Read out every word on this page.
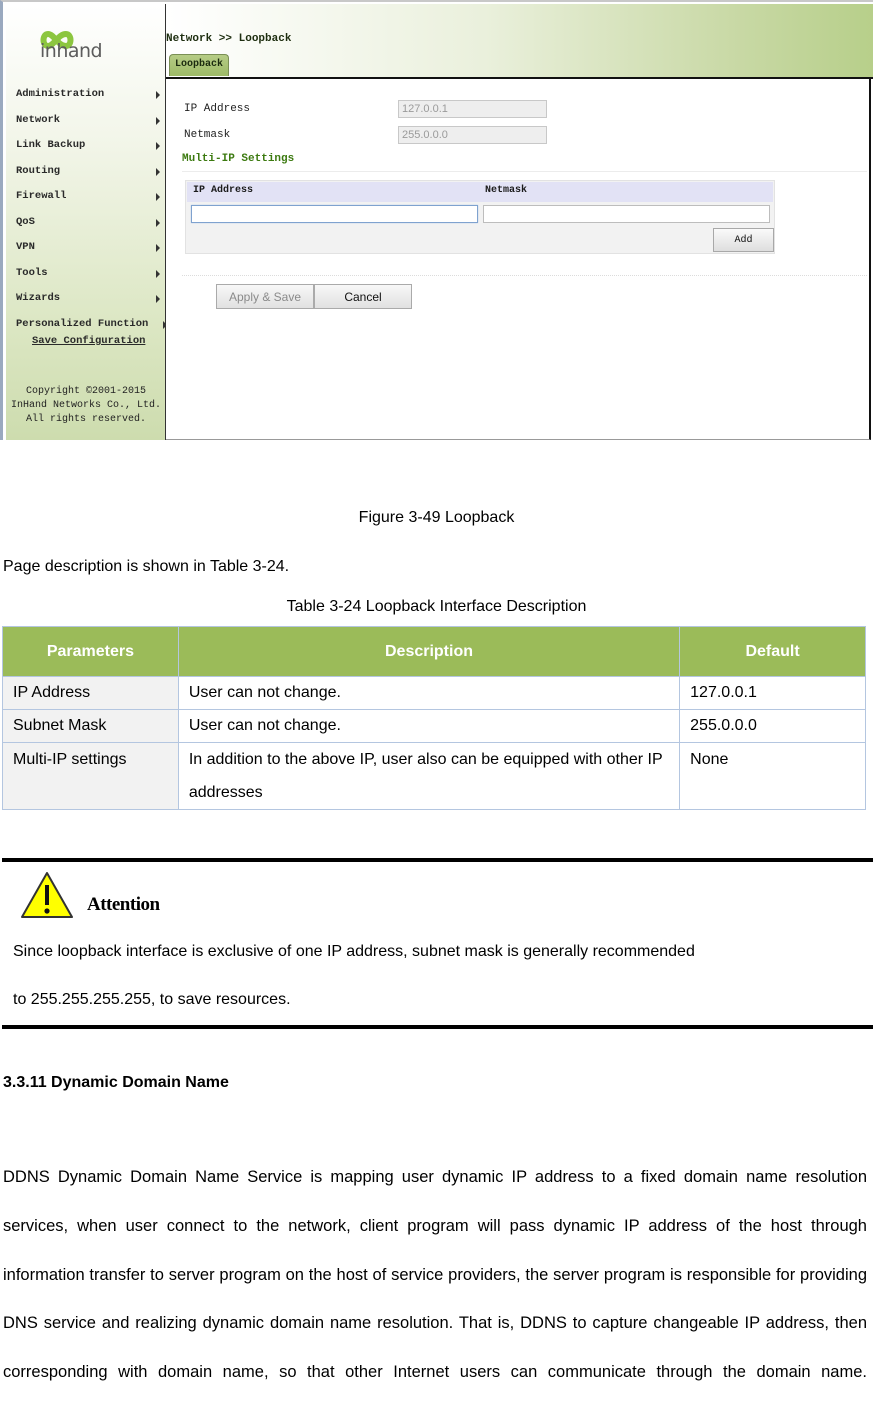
inhand
Administration
Network
Link Backup
Routing
Firewall
QoS
VPN
Tools
Wizards
Personalized Function
Save Configuration
Copyright ©2001-2015
InHand Networks Co., Ltd.
All rights reserved.
Network >> Loopback
Loopback
IP Address	127.0.0.1
Netmask	255.0.0.0
Multi-IP Settings
IP Address	Netmask
Add
Apply & Save	Cancel
Figure 3-49 Loopback
Page description is shown in Table 3-24.
Table 3-24 Loopback Interface Description
Parameters	Description	Default
IP Address	User can not change.	127.0.0.1
Subnet Mask	User can not change.	255.0.0.0
Multi-IP settings	In addition to the above IP, user also can be equipped with other IP addresses	None
Attention
Since loopback interface is exclusive of one IP address, subnet mask is generally recommended
to 255.255.255.255, to save resources.
3.3.11 Dynamic Domain Name
DDNS Dynamic Domain Name Service is mapping user dynamic IP address to a fixed domain name resolution services, when user connect to the network, client program will pass dynamic IP address of the host through information transfer to server program on the host of service providers, the server program is responsible for providing DNS service and realizing dynamic domain name resolution. That is, DDNS to capture changeable IP address, then corresponding with domain name, so that other Internet users can communicate through the domain name.
